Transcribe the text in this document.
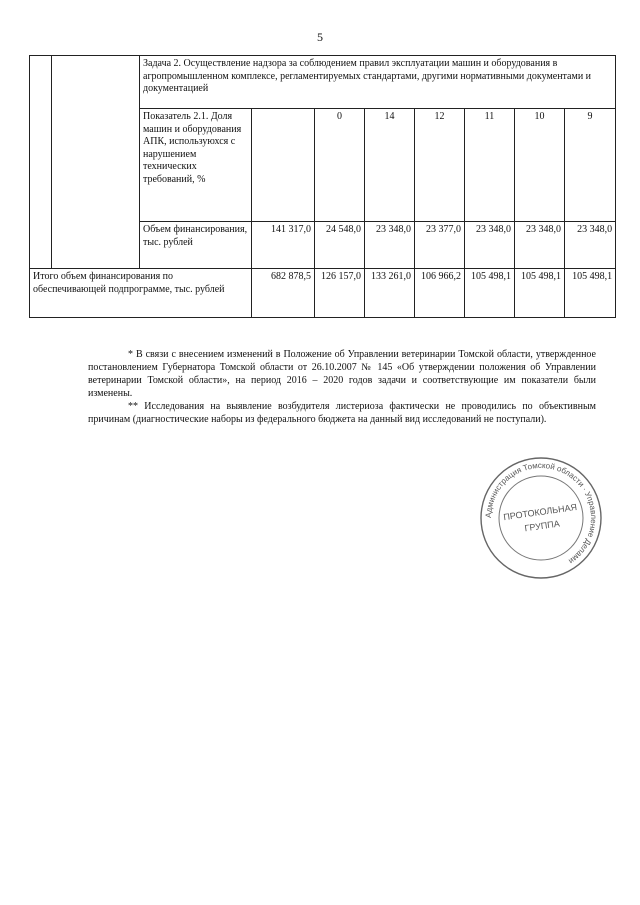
5
		Задача 2. Осуществление надзора за соблюдением правил эксплуатации машин и оборудования в агропромышленном комплексе, регламентируемых стандартами, другими нормативными документами и документацией							
		Показатель 2.1. Доля машин и оборудования АПК, используюхся с нарушением технических требований, %		0	14	12	11	10	9
		Объем финансирования, тыс. рублей	141 317,0	24 548,0	23 348,0	23 377,0	23 348,0	23 348,0	23 348,0
Итого объем финансирования по обеспечивающей подпрограмме, тыс. рублей			682 878,5	126 157,0	133 261,0	106 966,2	105 498,1	105 498,1	105 498,1

* В связи с внесением изменений в Положение об Управлении ветеринарии Томской области, утвержденное постановлением Губернатора Томской области от 26.10.2007 № 145 «Об утверждении положения об Управлении ветеринарии Томской области», на период 2016 – 2020 годов задачи и соответствующие им показатели были изменены.

** Исследования на выявление возбудителя листериоза фактически не проводились по объективным причинам (диагностические наборы из федерального бюджета на данный вид исследований не поступали).

Администрация Томской области · Управление Делами
ПРОТОКОЛЬНАЯ
ГРУППА
